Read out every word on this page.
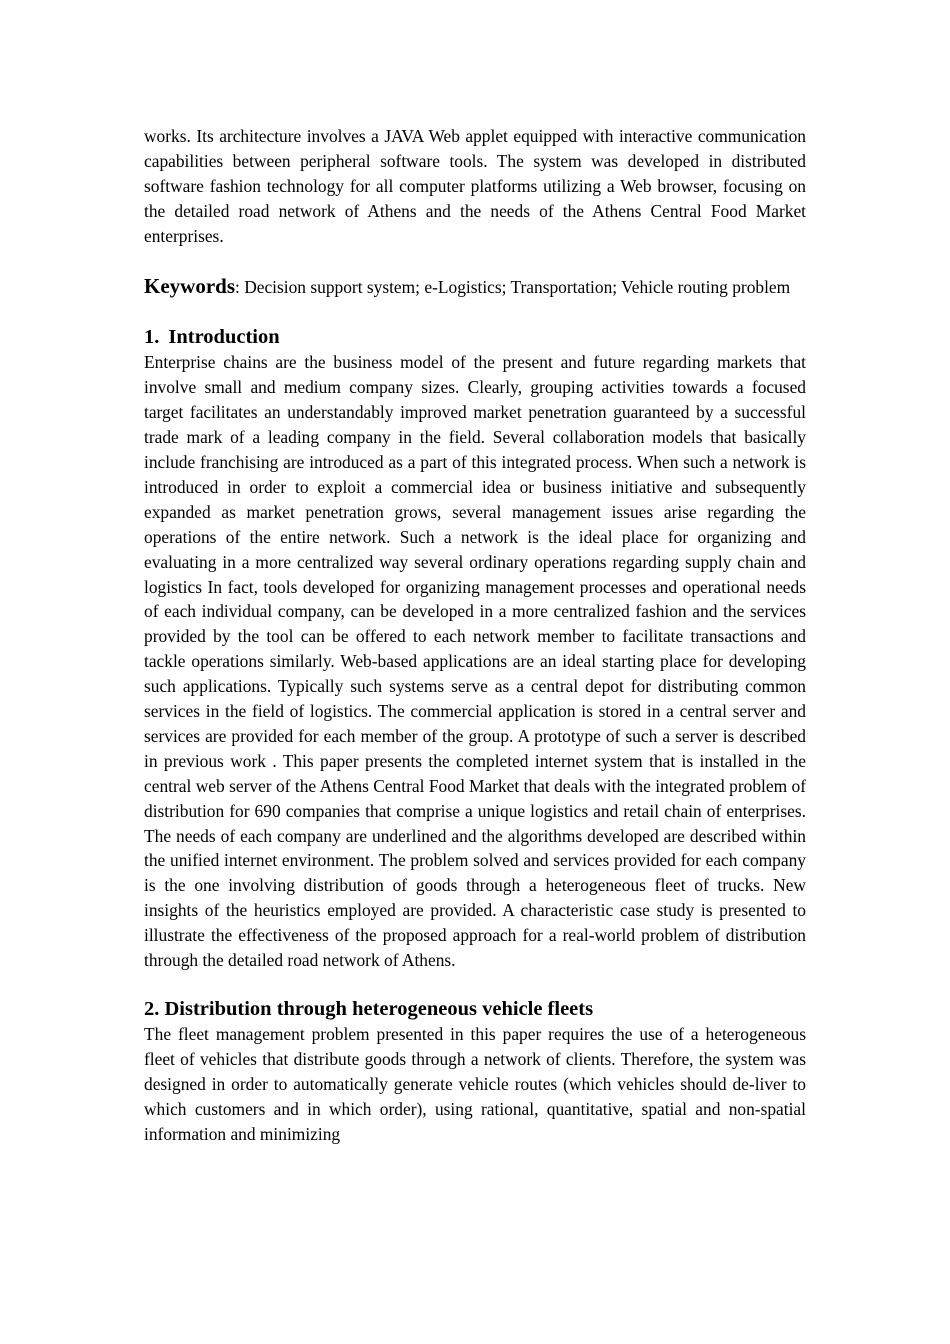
works. Its architecture involves a JAVA Web applet equipped with interactive communication capabilities between peripheral software tools. The system was developed in distributed software fashion technology for all computer platforms utilizing a Web browser, focusing on the detailed road network of Athens and the needs of the Athens Central Food Market enterprises.

Keywords: Decision support system; e-Logistics; Transportation; Vehicle routing problem
1. Introduction

Enterprise chains are the business model of the present and future regarding markets that involve small and medium company sizes. Clearly, grouping activities towards a focused target facilitates an understandably improved market penetration guaranteed by a successful trade mark of a leading company in the field. Several collaboration models that basically include franchising are introduced as a part of this integrated process. When such a network is introduced in order to exploit a commercial idea or business initiative and subsequently expanded as market penetration grows, several management issues arise regarding the operations of the entire network. Such a network is the ideal place for organizing and evaluating in a more centralized way several ordinary operations regarding supply chain and logistics In fact, tools developed for organizing management processes and operational needs of each individual company, can be developed in a more centralized fashion and the services provided by the tool can be offered to each network member to facilitate transactions and tackle operations similarly. Web-based applications are an ideal starting place for developing such applications. Typically such systems serve as a central depot for distributing common services in the field of logistics. The commercial application is stored in a central server and services are provided for each member of the group. A prototype of such a server is described in previous work . This paper presents the completed internet system that is installed in the central web server of the Athens Central Food Market that deals with the integrated problem of distribution for 690 companies that comprise a unique logistics and retail chain of enterprises. The needs of each company are underlined and the algorithms developed are described within the unified internet environment. The problem solved and services provided for each company is the one involving distribution of goods through a heterogeneous fleet of trucks. New insights of the heuristics employed are provided. A characteristic case study is presented to illustrate the effectiveness of the proposed approach for a real-world problem of distribution through the detailed road network of Athens.

2. Distribution through heterogeneous vehicle fleets

The fleet management problem presented in this paper requires the use of a heterogeneous fleet of vehicles that distribute goods through a network of clients. Therefore, the system was designed in order to automatically generate vehicle routes (which vehicles should de-liver to which customers and in which order), using rational, quantitative, spatial and non-spatial information and minimizing
